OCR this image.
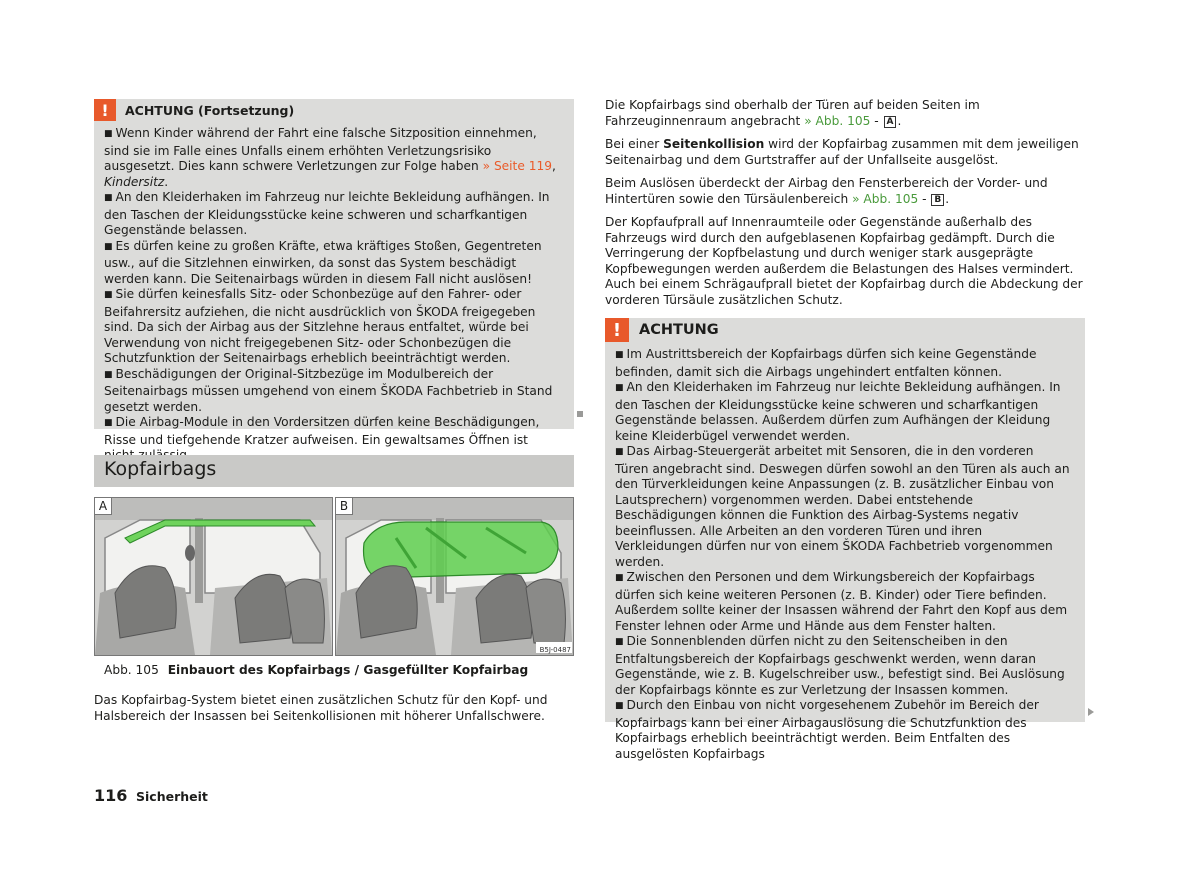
!	ACHTUNG (Fortsetzung)

■ Wenn Kinder während der Fahrt eine falsche Sitzposition einnehmen, sind sie im Falle eines Unfalls einem erhöhten Verletzungsrisiko ausgesetzt. Dies kann schwere Verletzungen zur Folge haben » Seite 119, Kindersitz.

■ An den Kleiderhaken im Fahrzeug nur leichte Bekleidung aufhängen. In den Taschen der Kleidungsstücke keine schweren und scharfkantigen Gegenstände belassen.

■ Es dürfen keine zu großen Kräfte, etwa kräftiges Stoßen, Gegentreten usw., auf die Sitzlehnen einwirken, da sonst das System beschädigt werden kann. Die Seitenairbags würden in diesem Fall nicht auslösen!

■ Sie dürfen keinesfalls Sitz- oder Schonbezüge auf den Fahrer- oder Beifahrersitz aufziehen, die nicht ausdrücklich von ŠKODA freigegeben sind. Da sich der Airbag aus der Sitzlehne heraus entfaltet, würde bei Verwendung von nicht freigegebenen Sitz- oder Schonbezügen die Schutzfunktion der Seitenairbags erheblich beeinträchtigt werden.

■ Beschädigungen der Original-Sitzbezüge im Modulbereich der Seitenairbags müssen umgehend von einem ŠKODA Fachbetrieb in Stand gesetzt werden.

■ Die Airbag-Module in den Vordersitzen dürfen keine Beschädigungen, Risse und tiefgehende Kratzer aufweisen. Ein gewaltsames Öffnen ist

Kopfairbags
A	B
B5J-0487
Abb. 105 Einbauort des Kopfairbags / Gasgefüllter Kopfairbag
Das Kopfairbag-System bietet einen zusätzlichen Schutz für den Kopf- und Halsbereich der Insassen bei Seitenkollisionen mit höherer Unfallschwere.

Die Kopfairbags sind oberhalb der Türen auf beiden Seiten im Fahrzeuginnenraum angebracht » Abb. 105 - A .

Bei einer Seitenkollision wird der Kopfairbag zusammen mit dem jeweiligen Seitenairbag und dem Gurtstraffer auf der Unfallseite ausgelöst.

Beim Auslösen überdeckt der Airbag den Fensterbereich der Vorder- und Hintertüren sowie den Türsäulenbereich » Abb. 105 - B .

Der Kopfaufprall auf Innenraumteile oder Gegenstände außerhalb des Fahrzeugs wird durch den aufgeblasenen Kopfairbag gedämpft. Durch die Verringerung der Kopfbelastung und durch weniger stark ausgeprägte Kopfbewegungen werden außerdem die Belastungen des Halses vermindert. Auch bei einem Schrägaufprall bietet der Kopfairbag durch die Abdeckung der vorderen Türsäule zusätzlichen Schutz.

!	ACHTUNG

■ Im Austrittsbereich der Kopfairbags dürfen sich keine Gegenstände befinden, damit sich die Airbags ungehindert entfalten können.

■ An den Kleiderhaken im Fahrzeug nur leichte Bekleidung aufhängen. In den Taschen der Kleidungsstücke keine schweren und scharfkantigen Gegenstände belassen. Außerdem dürfen zum Aufhängen der Kleidung keine Kleiderbügel verwendet werden.

■ Das Airbag-Steuergerät arbeitet mit Sensoren, die in den vorderen Türen angebracht sind. Deswegen dürfen sowohl an den Türen als auch an den Türverkleidungen keine Anpassungen (z. B. zusätzlicher Einbau von Lautsprechern) vorgenommen werden. Dabei entstehende Beschädigungen können die Funktion des Airbag-Systems negativ beeinflussen. Alle Arbeiten an den vorderen Türen und ihren Verkleidungen dürfen nur von einem ŠKODA Fachbetrieb vorgenommen werden.

■ Zwischen den Personen und dem Wirkungsbereich der Kopfairbags dürfen sich keine weiteren Personen (z. B. Kinder) oder Tiere befinden. Außerdem sollte keiner der Insassen während der Fahrt den Kopf aus dem Fenster lehnen oder Arme und Hände aus dem Fenster halten.

■ Die Sonnenblenden dürfen nicht zu den Seitenscheiben in den Entfaltungsbereich der Kopfairbags geschwenkt werden, wenn daran Gegenstände, wie z. B. Kugelschreiber usw., befestigt sind. Bei Auslösung der Kopfairbags könnte es zur Verletzung der Insassen kommen.

■ Durch den Einbau von nicht vorgesehenem Zubehör im Bereich der Kopfairbags kann bei einer Airbagauslösung die Schutzfunktion des Kopfairbags erheblich beeinträchtigt werden. Beim Entfalten des ausgelösten Kopfairbags

116 Sicherheit
